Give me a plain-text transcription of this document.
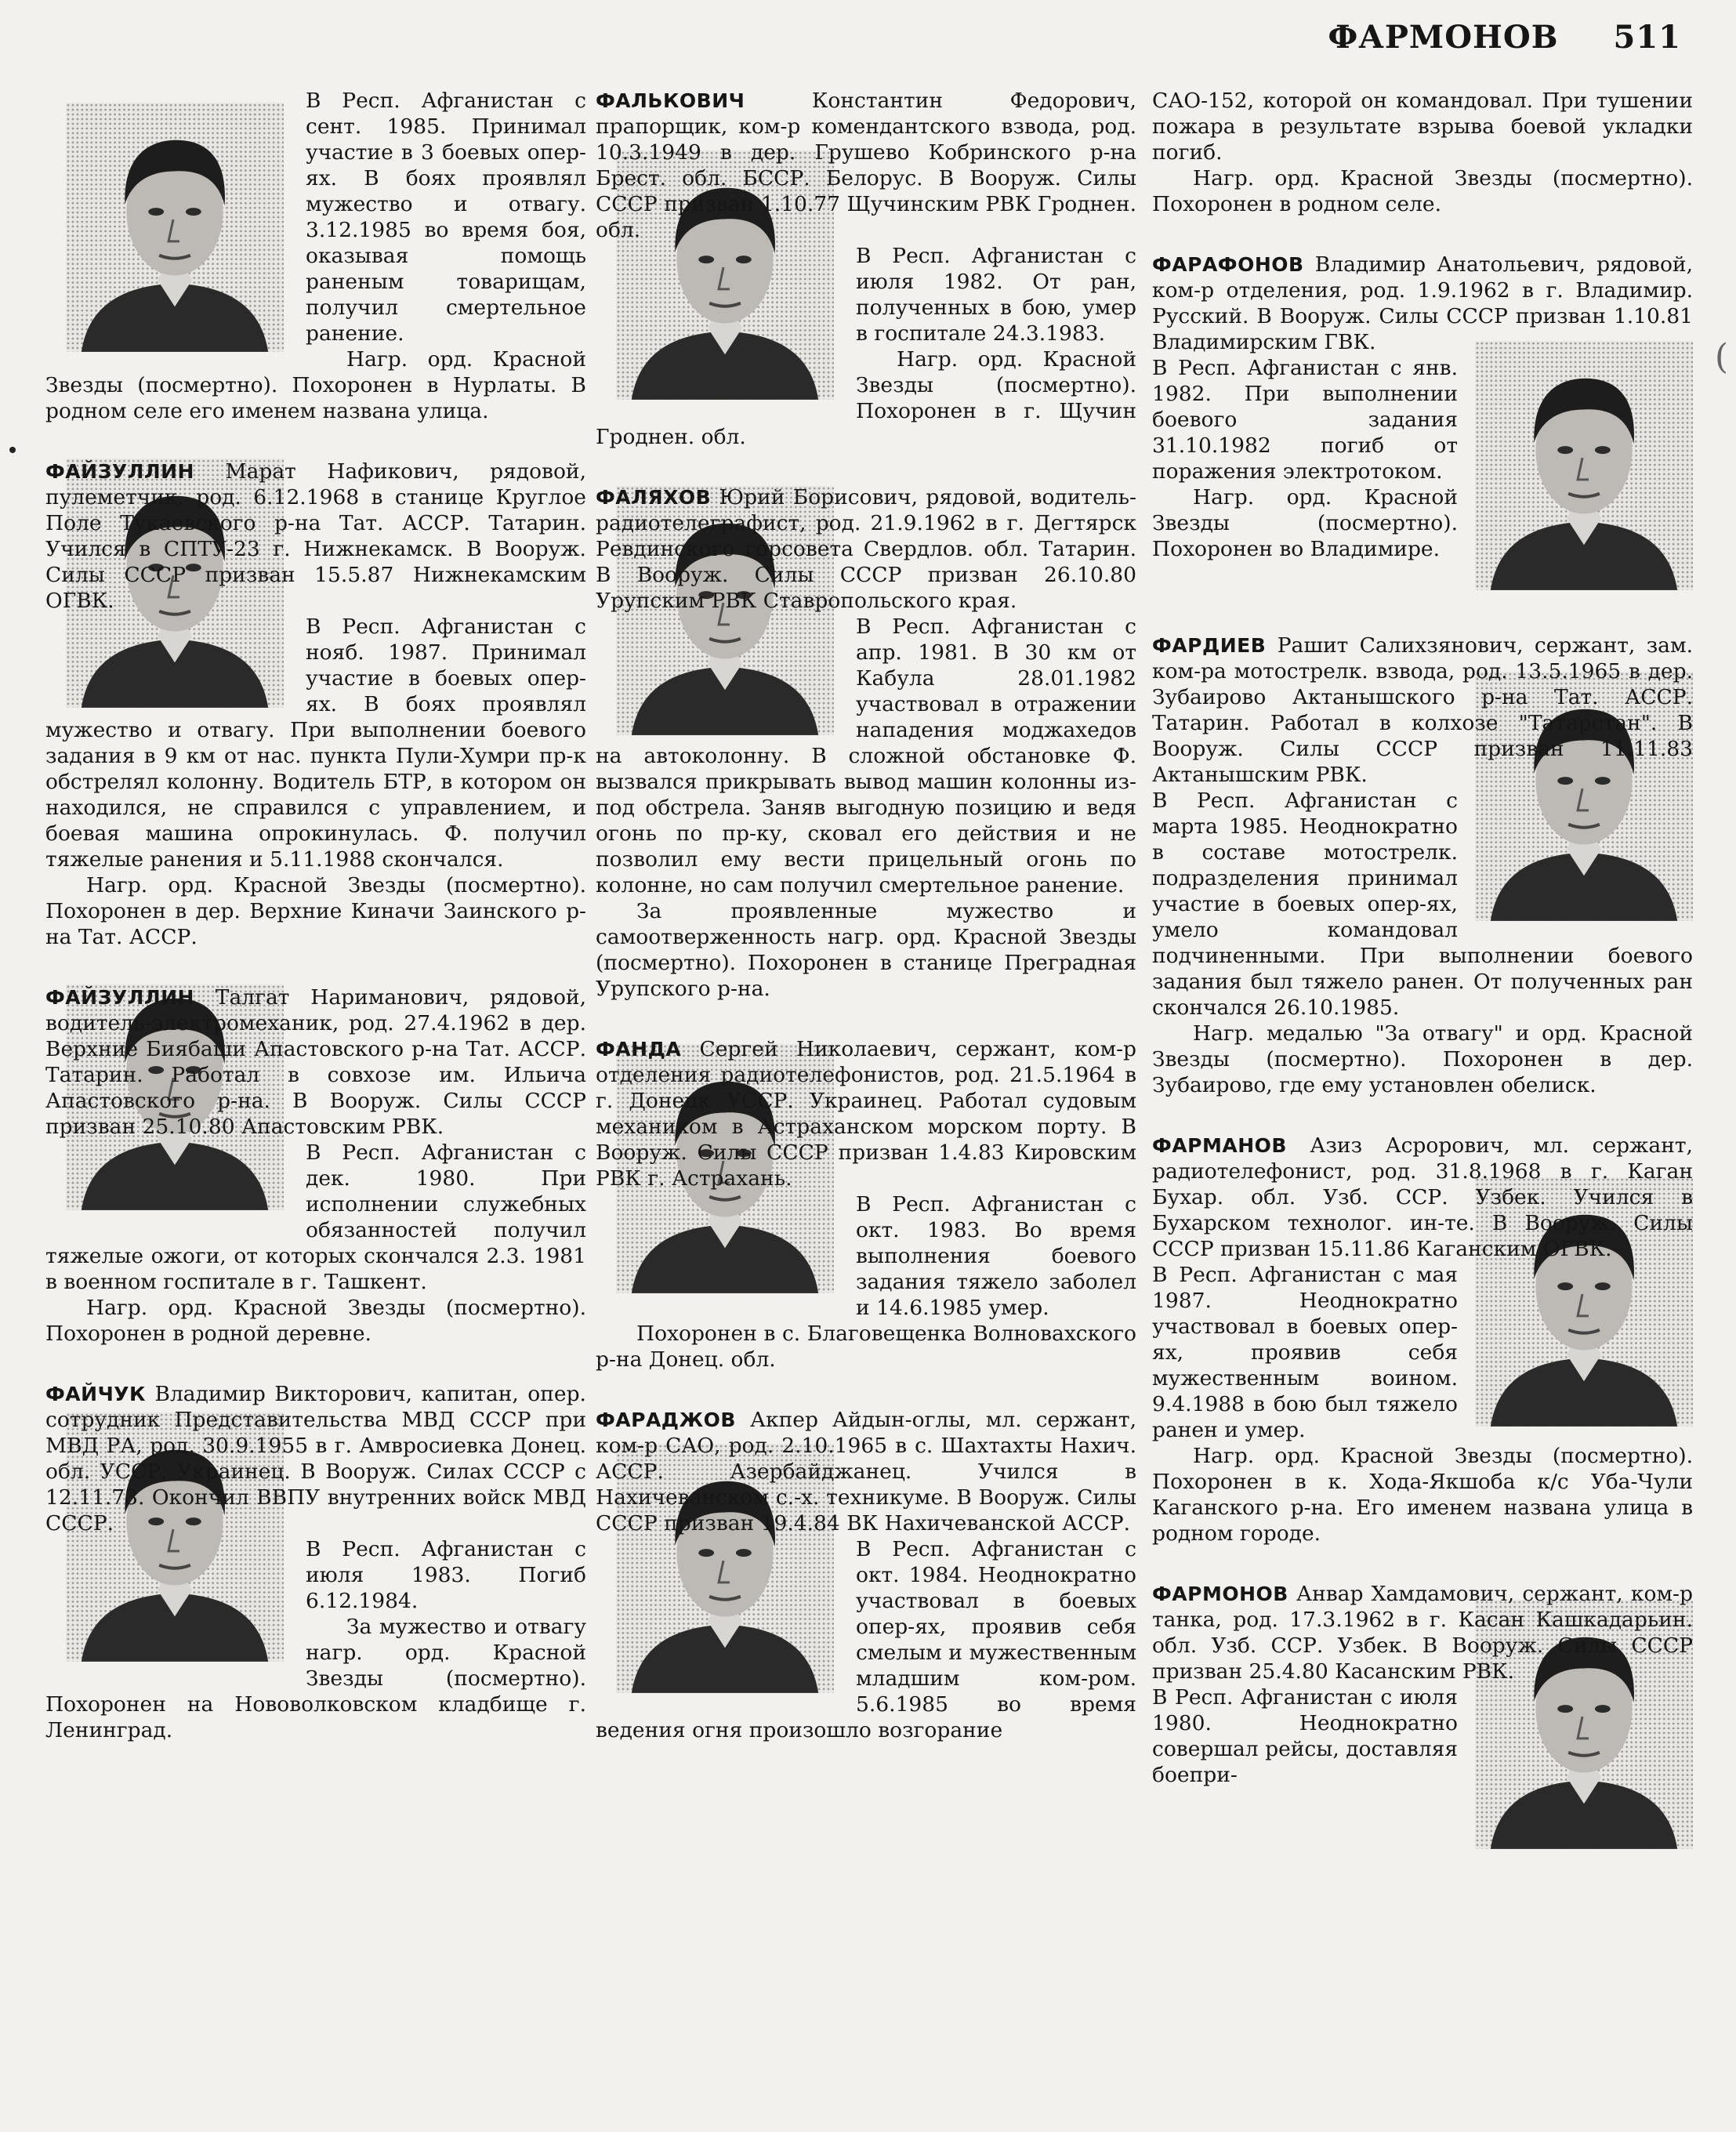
ФАРМОНОВ 511
(

В Респ. Афганистан с сент. 1985. Принимал участие в 3 боевых опер-ях. В боях проявлял мужество и отвагу. 3.12.1985 во время боя, оказывая помощь раненым товарищам, получил смертельное ранение.

Нагр. орд. Красной Звезды (посмертно). Похоронен в Нурлаты. В родном селе его именем названа улица.

ФАЙЗУЛЛИН Марат Нафикович, рядовой, пулеметчик, род. 6.12.1968 в станице Круглое Поле Тукаевского р-на Тат. АССР. Татарин. Учился в СПТУ-23 г. Нижнекамск. В Вооруж. Силы СССР призван 15.5.87 Нижнекамским ОГВК.

В Респ. Афганистан с нояб. 1987. Принимал участие в боевых опер-ях. В боях проявлял мужество и отвагу. При выполнении боевого задания в 9 км от нас. пункта Пули-Хумри пр-к обстрелял колонну. Водитель БТР, в котором он находился, не справился с управлением, и боевая машина опрокинулась. Ф. получил тяжелые ранения и 5.11.1988 скончался.

Нагр. орд. Красной Звезды (посмертно). Похоронен в дер. Верхние Киначи Заинского р-на Тат. АССР.

ФАЙЗУЛЛИН Талгат Нариманович, рядовой, водитель-электромеханик, род. 27.4.1962 в дер. Верхние Биябаши Апастовского р-на Тат. АССР. Татарин. Работал в совхозе им. Ильича Апастовского р-на. В Вооруж. Силы СССР призван 25.10.80 Апастовским РВК.

В Респ. Афганистан с дек. 1980. При исполнении служебных обязанностей получил тяжелые ожоги, от которых скончался 2.3. 1981 в военном госпитале в г. Ташкент.

Нагр. орд. Красной Звезды (посмертно). Похоронен в родной деревне.

ФАЙЧУК Владимир Викторович, капитан, опер. сотрудник Представительства МВД СССР при МВД РА, род. 30.9.1955 в г. Амвросиевка Донец. обл. УССР. Украинец. В Вооруж. Силах СССР с 12.11.73. Окончил ВВПУ внутренних войск МВД СССР.

В Респ. Афганистан с июля 1983. Погиб 6.12.1984.

За мужество и отвагу нагр. орд. Красной Звезды (посмертно). Похоронен на Нововолковском кладбище г. Ленинград.

ФАЛЬКОВИЧ	Константин Федорович, прапорщик, ком-р комендантского взвода, род. 10.3.1949 в дер. Грушево Кобринского р-на Брест. обл. БССР. Белорус. В Вооруж. Силы СССР призван 1.10.77 Щучинским РВК Гроднен. обл.

В Респ. Афганистан с июля 1982. От ран, полученных в бою, умер в госпитале 24.3.1983.

Нагр. орд. Красной Звезды (посмертно). Похоронен в г. Щучин Гроднен. обл.

ФАЛЯХОВ Юрий Борисович, рядовой, водитель-радиотелеграфист, род. 21.9.1962 в г. Дегтярск Ревдинского горсовета Свердлов. обл. Татарин. В Вооруж. Силы СССР призван 26.10.80 Урупским РВК Ставропольского края.

В Респ. Афганистан с апр. 1981. В 30 км от Кабула 28.01.1982 участвовал в отражении нападения моджахедов на автоколонну. В сложной обстановке Ф. вызвался прикрывать вывод машин колонны из-под обстрела. Заняв выгодную позицию и ведя огонь по пр-ку, сковал его действия и не позволил ему вести прицельный огонь по колонне, но сам получил смертельное ранение.

За проявленные мужество и самоотверженность нагр. орд. Красной Звезды (посмертно). Похоронен в станице Преградная Урупского р-на.

ФАНДА Сергей Николаевич, сержант, ком-р отделения радиотелефонистов, род. 21.5.1964 в г. Донецк УССР. Украинец. Работал судовым механиком в Астраханском морском порту. В Вооруж. Силы СССР призван 1.4.83 Кировским РВК г. Астрахань.

В Респ. Афганистан с окт. 1983. Во время выполнения боевого задания тяжело заболел и 14.6.1985 умер.

Похоронен в с. Благовещенка Волновахского р-на Донец. обл.

ФАРАДЖОВ Акпер Айдын-оглы, мл. сержант, ком-р САО, род. 2.10.1965 в с. Шахтахты Нахич. АССР. Азербайджанец. Учился в Нахичеванском с.-х. техникуме. В Вооруж. Силы СССР призван 19.4.84 ВК Нахичеванской АССР.

В Респ. Афганистан с окт. 1984. Неоднократно участвовал в боевых опер-ях, проявив себя смелым и мужественным младшим ком-ром. 5.6.1985 во время ведения огня произошло возгорание

САО-152, которой он командовал. При тушении пожара в результате взрыва боевой укладки погиб.

Нагр. орд. Красной Звезды (посмертно). Похоронен в родном селе.

ФАРАФОНОВ Владимир Анатольевич, рядовой, ком-р отделения, род. 1.9.1962 в г. Владимир. Русский. В Вооруж. Силы СССР призван 1.10.81 Владимирским ГВК.

В Респ. Афганистан с янв. 1982. При выполнении боевого задания 31.10.1982 погиб от поражения электротоком.

Нагр. орд. Красной Звезды (посмертно). Похоронен во Владимире.

ФАРДИЕВ Рашит Салихзянович, сержант, зам. ком-ра мотострелк. взвода, род. 13.5.1965 в дер. Зубаирово Актанышского р-на Тат. АССР. Татарин. Работал в колхозе "Татарстан". В Вооруж. Силы СССР призван 11.11.83 Актанышским РВК.

В Респ. Афганистан с марта 1985. Неоднократно в составе мотострелк. подразделения принимал участие в боевых опер-ях, умело командовал подчиненными. При выполнении боевого задания был тяжело ранен. От полученных ран скончался 26.10.1985.

Нагр. медалью "За отвагу" и орд. Красной Звезды (посмертно). Похоронен в дер. Зубаирово, где ему установлен обелиск.

ФАРМАНОВ Азиз Асрорович, мл. сержант, радиотелефонист, род. 31.8.1968 в г. Каган Бухар. обл. Узб. ССР. Узбек. Учился в Бухарском технолог. ин-те. В Вооруж. Силы СССР призван 15.11.86 Каганским ОГВК.

В Респ. Афганистан с мая 1987. Неоднократно участвовал в боевых опер-ях, проявив себя мужественным воином. 9.4.1988 в бою был тяжело ранен и умер.

Нагр. орд. Красной Звезды (посмертно). Похоронен в к. Хода-Якшоба к/с Уба-Чули Каганского р-на. Его именем названа улица в родном городе.

ФАРМОНОВ Анвар Хамдамович, сержант, ком-р танка, род. 17.3.1962 в г. Касан Кашкадарьин. обл. Узб. ССР. Узбек. В Вооруж. Силы СССР призван 25.4.80 Касанским РВК.

В Респ. Афганистан с июля 1980. Неоднократно совершал рейсы, доставляя боепри-
